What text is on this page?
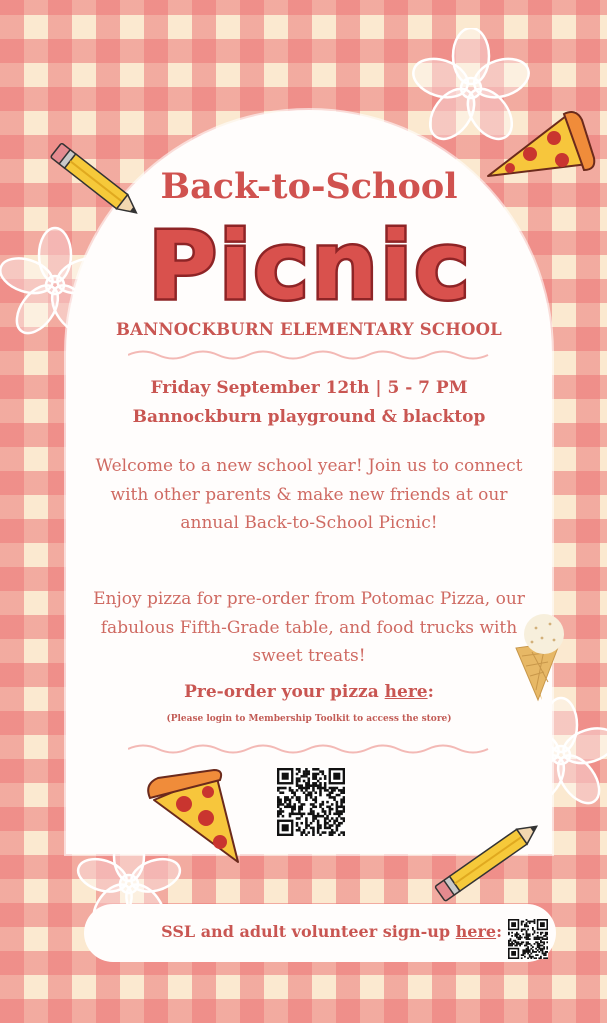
Back-to-School
Picnic
BANNOCKBURN ELEMENTARY SCHOOL
Friday September 12th | 5 - 7 PM
Bannockburn playground & blacktop
Welcome to a new school year! Join us to connect with other parents & make new friends at our annual Back-to-School Picnic!
Enjoy pizza for pre-order from Potomac Pizza, our fabulous Fifth-Grade table, and food trucks with sweet treats!
Pre-order your pizza here:
(Please login to Membership Toolkit to access the store)
SSL and adult volunteer sign-up here:
